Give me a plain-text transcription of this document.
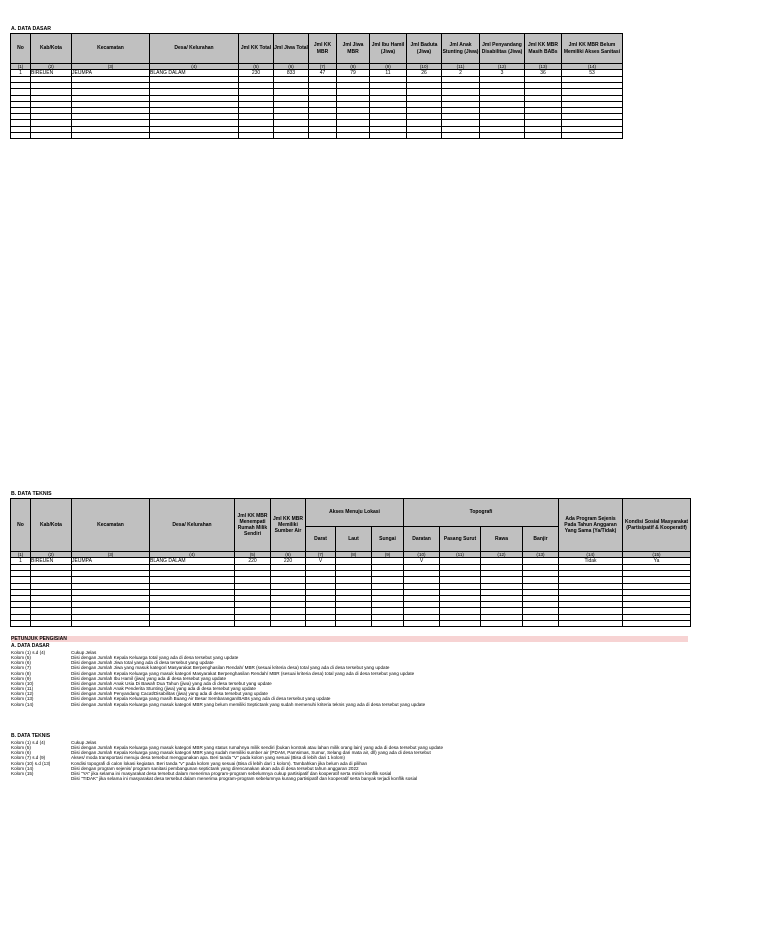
A. DATA DASAR
No	Kab/Kota	Kecamatan	Desa/ Kelurahan	Jml KK Total	Jml Jiwa Total	Jml KK MBR	Jml Jiwa MBR	Jml Ibu Hamil (Jiwa)	Jml Baduta (Jiwa)	Jml Anak Stunting (Jiwa)	Jml Penyandang Disabilitas (Jiwa)	Jml KK MBR Masih BABs	Jml KK MBR Belum Memiliki Akses Sanitasi
(1)	(2)	(3)	(4)	(5)	(6)	(7)	(8)	(9)	(10)	(11)	(12)	(13)	(14)
1	BIREUEN	JEUMPA	BLANG DALAM	230	833	47	79	11	26	2	3	36	53

B. DATA TEKNIS
No	Kab/Kota	Kecamatan	Desa/ Kelurahan	Jml KK MBR Menempati Rumah Milik Sendiri	Jml KK MBR Memiliki Sumber Air	Akses Menuju Lokasi			Topografi				Ada Program Sejenis Pada Tahun Anggaran Yang Sama (Ya/Tidak)	Kondisi Sosial Masyarakat (Partisipatif & Kooperatif)
						Darat	Laut	Sungai	Daratan	Pasang Surut	Rawa	Banjir		
(1)	(2)	(3)	(4)	(5)	(6)	(7)	(8)	(9)	(10)	(11)	(12)	(13)	(14)	(15)
1	BIREUEN	JEUMPA	BLANG DALAM	220	220	V			V				Tidak	Ya

PETUNJUK PENGISIAN
A. DATA DASAR
Kolom (1) s.d (4)	Cukup Jelas
Kolom (5)	Diisi dengan Jumlah Kepala Keluarga total yang ada di desa tersebut yang update
Kolom (6)	Diisi dengan Jumlah Jiwa total yang ada di desa tersebut yang update
Kolom (7)	Diisi dengan Jumlah Jiwa yang masuk kategori Masyarakat Berpenghasilan Rendah/ MBR (sesuai kriteria desa) total yang ada di desa tersebut yang update
Kolom (8)	Diisi dengan Jumlah Kepala Keluarga yang masuk kategori Masyarakat Berpenghasilan Rendah/ MBR (sesuai kriteria desa) total yang ada di desa tersebut yang update
Kolom (9)	Diisi dengan Jumlah Ibu Hamil (jiwa) yang ada di desa tersebut yang update
Kolom (10)	Diisi dengan Jumlah Anak Usia Di Bawah Dua Tahun (jiwa) yang ada di desa tersebut yang update
Kolom (11)	Diisi dengan Jumlah Anak Penderita Stunting (jiwa) yang ada di desa tersebut yang update
Kolom (12)	Diisi dengan Jumlah Penyandang Cacat/Disabilitas (jiwa) yang ada di desa tersebut yang update
Kolom (13)	Diisi dengan Jumlah Kepala Keluarga yang masih Buang Air Besar Sembarangan/BABs yang ada di desa tersebut yang update
Kolom (14)	Diisi dengan Jumlah Kepala Keluarga yang masuk kategori MBR yang belum memiliki Septictank yang sudah memenuhi kriteria teknis yang ada di desa tersebut yang update
B. DATA TEKNIS
Kolom (1) s.d (4)	Cukup Jelas
Kolom (5)	Diisi dengan Jumlah Kepala Keluarga yang masuk kategori MBR yang status rumahnya milik sendiri (bukan kontrak atau lahan milik orang lain) yang ada di desa tersebut yang update
Kolom (6)	Diisi dengan Jumlah Kepala Keluarga yang masuk kategori MBR yang sudah memiliki sumber air (PDAM, Pamsimas, Sumur, Selang dari mata air, dll) yang ada di desa tersebut
Kolom (7) s.d (9)	Akses/ moda transportasi menuju desa tersebut menggunakan apa. Beri tanda "V" pada kolom yang sesuai (Bisa di lebih dari 1 kolom)
Kolom (10) s.d (13)	Kondisi topografi di calon lokasi kegiatan. Beri tanda "v" pada kolom yang sesuai (Bisa di lebih dari 1 kolom). Tambahkan jika belum ada di pilihan
Kolom (14)	Diisi dengan program sejenis/ program sanitasi pembangunan septictank yang direncanakan akan ada di desa tersebut tahun anggaran 2022
Kolom (15)	Diisi "YA" jika selama ini masyarakat desa tersebut dalam menerima program-program sebelumnya cukup partisipatif dan kooperatif serta minim konflik sosial
Diisi "TIDAK" jika selama ini masyarakat desa tersebut dalam menerima program-program sebelumnya kurang partisipatif dan kooperatif serta banyak terjadi konflik sosial
